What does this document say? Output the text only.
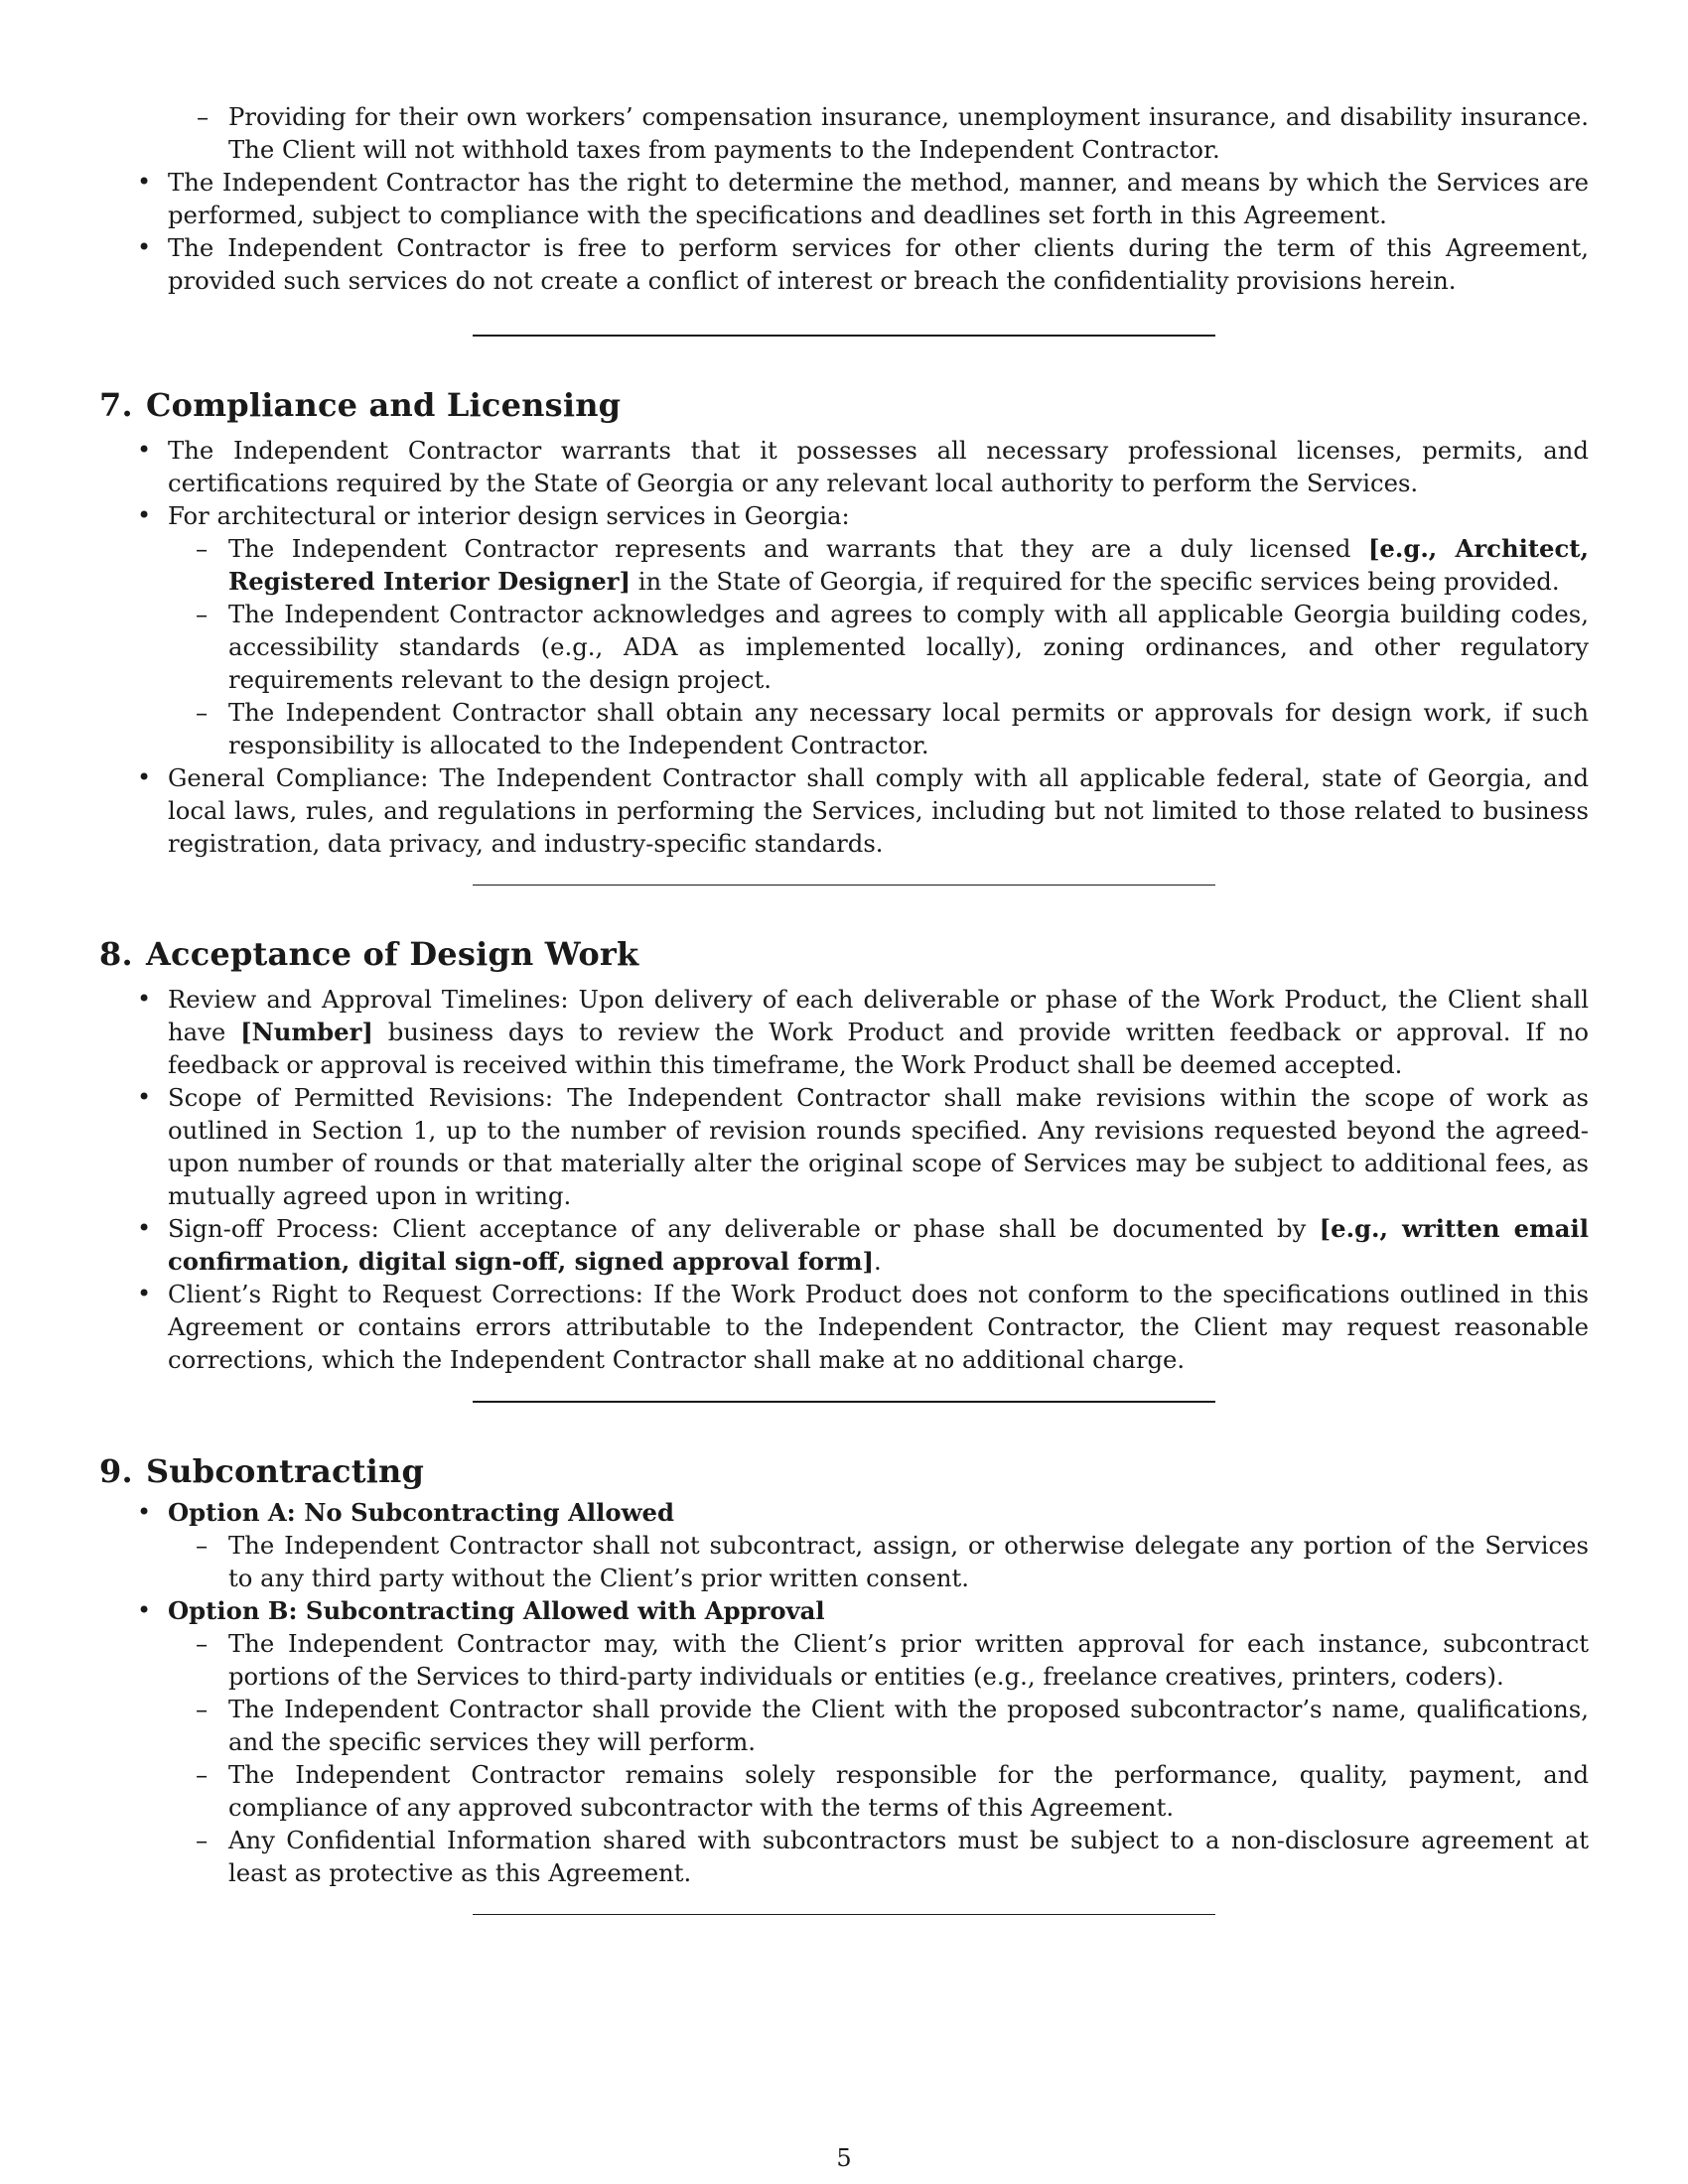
– Providing for their own workers’ compensation insurance, unemployment insurance, and disability insurance. The Client will not withhold taxes from payments to the Independent Contractor.
• The Independent Contractor has the right to determine the method, manner, and means by which the Services are performed, subject to compliance with the specifications and deadlines set forth in this Agreement.
• The Independent Contractor is free to perform services for other clients during the term of this Agreement, provided such services do not create a conflict of interest or breach the confidentiality provisions herein.
7. Compliance and Licensing
• The Independent Contractor warrants that it possesses all necessary professional licenses, permits, and certifications required by the State of Georgia or any relevant local authority to perform the Services.
• For architectural or interior design services in Georgia:
– The Independent Contractor represents and warrants that they are a duly licensed [e.g., Architect, Registered Interior Designer] in the State of Georgia, if required for the specific services being provided.
– The Independent Contractor acknowledges and agrees to comply with all applicable Georgia building codes, accessibility standards (e.g., ADA as implemented locally), zoning ordinances, and other regulatory requirements relevant to the design project.
– The Independent Contractor shall obtain any necessary local permits or approvals for design work, if such responsibility is allocated to the Independent Contractor.
• General Compliance: The Independent Contractor shall comply with all applicable federal, state of Georgia, and local laws, rules, and regulations in performing the Services, including but not limited to those related to business registration, data privacy, and industry-specific standards.
8. Acceptance of Design Work
• Review and Approval Timelines: Upon delivery of each deliverable or phase of the Work Product, the Client shall have [Number] business days to review the Work Product and provide written feedback or approval. If no feedback or approval is received within this timeframe, the Work Product shall be deemed accepted.
• Scope of Permitted Revisions: The Independent Contractor shall make revisions within the scope of work as outlined in Section 1, up to the number of revision rounds specified. Any revisions requested beyond the agreed-upon number of rounds or that materially alter the original scope of Services may be subject to additional fees, as mutually agreed upon in writing.
• Sign-off Process: Client acceptance of any deliverable or phase shall be documented by [e.g., written email confirmation, digital sign-off, signed approval form].
• Client’s Right to Request Corrections: If the Work Product does not conform to the specifications outlined in this Agreement or contains errors attributable to the Independent Contractor, the Client may request reasonable corrections, which the Independent Contractor shall make at no additional charge.
9. Subcontracting
• Option A: No Subcontracting Allowed
– The Independent Contractor shall not subcontract, assign, or otherwise delegate any portion of the Services to any third party without the Client’s prior written consent.
• Option B: Subcontracting Allowed with Approval
– The Independent Contractor may, with the Client’s prior written approval for each instance, subcontract portions of the Services to third-party individuals or entities (e.g., freelance creatives, printers, coders).
– The Independent Contractor shall provide the Client with the proposed subcontractor’s name, qualifications, and the specific services they will perform.
– The Independent Contractor remains solely responsible for the performance, quality, payment, and compliance of any approved subcontractor with the terms of this Agreement.
– Any Confidential Information shared with subcontractors must be subject to a non-disclosure agreement at least as protective as this Agreement.
5
